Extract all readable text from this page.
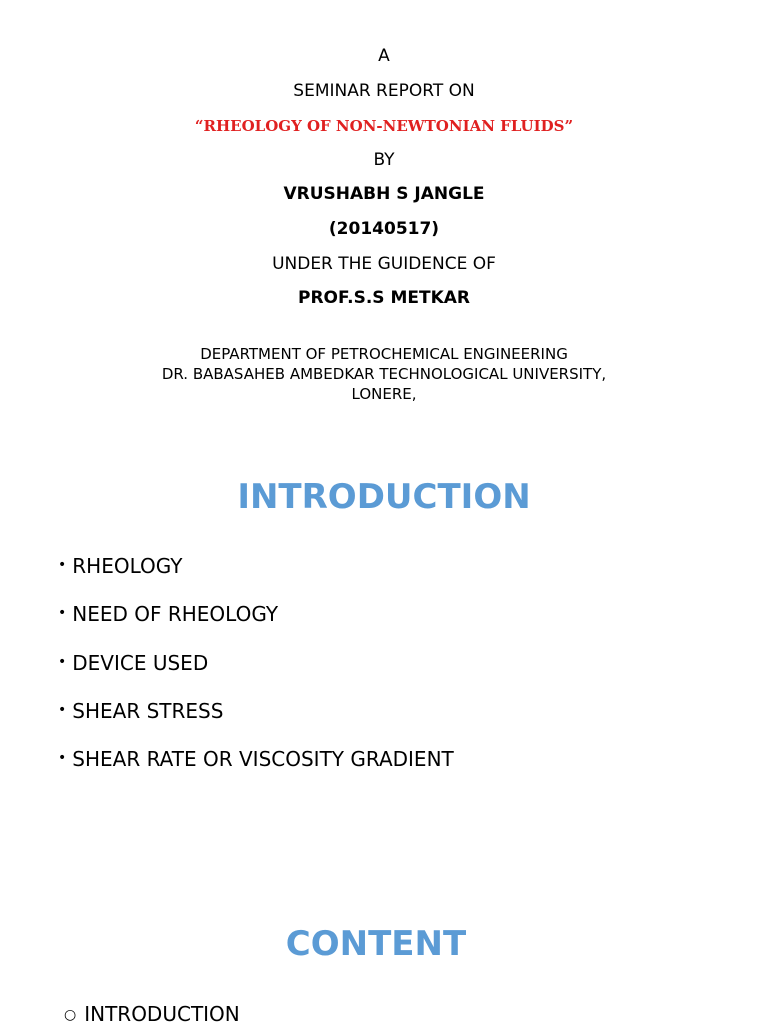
A
SEMINAR REPORT ON
“RHEOLOGY OF NON-NEWTONIAN FLUIDS”
BY
VRUSHABH S JANGLE
(20140517)
UNDER THE GUIDENCE OF
PROF.S.S METKAR
DEPARTMENT OF PETROCHEMICAL ENGINEERING
DR. BABASAHEB AMBEDKAR TECHNOLOGICAL UNIVERSITY,
LONERE,
INTRODUCTION
• RHEOLOGY
• NEED OF RHEOLOGY
• DEVICE USED
• SHEAR STRESS
• SHEAR RATE OR VISCOSITY GRADIENT
CONTENT
○ INTRODUCTION
